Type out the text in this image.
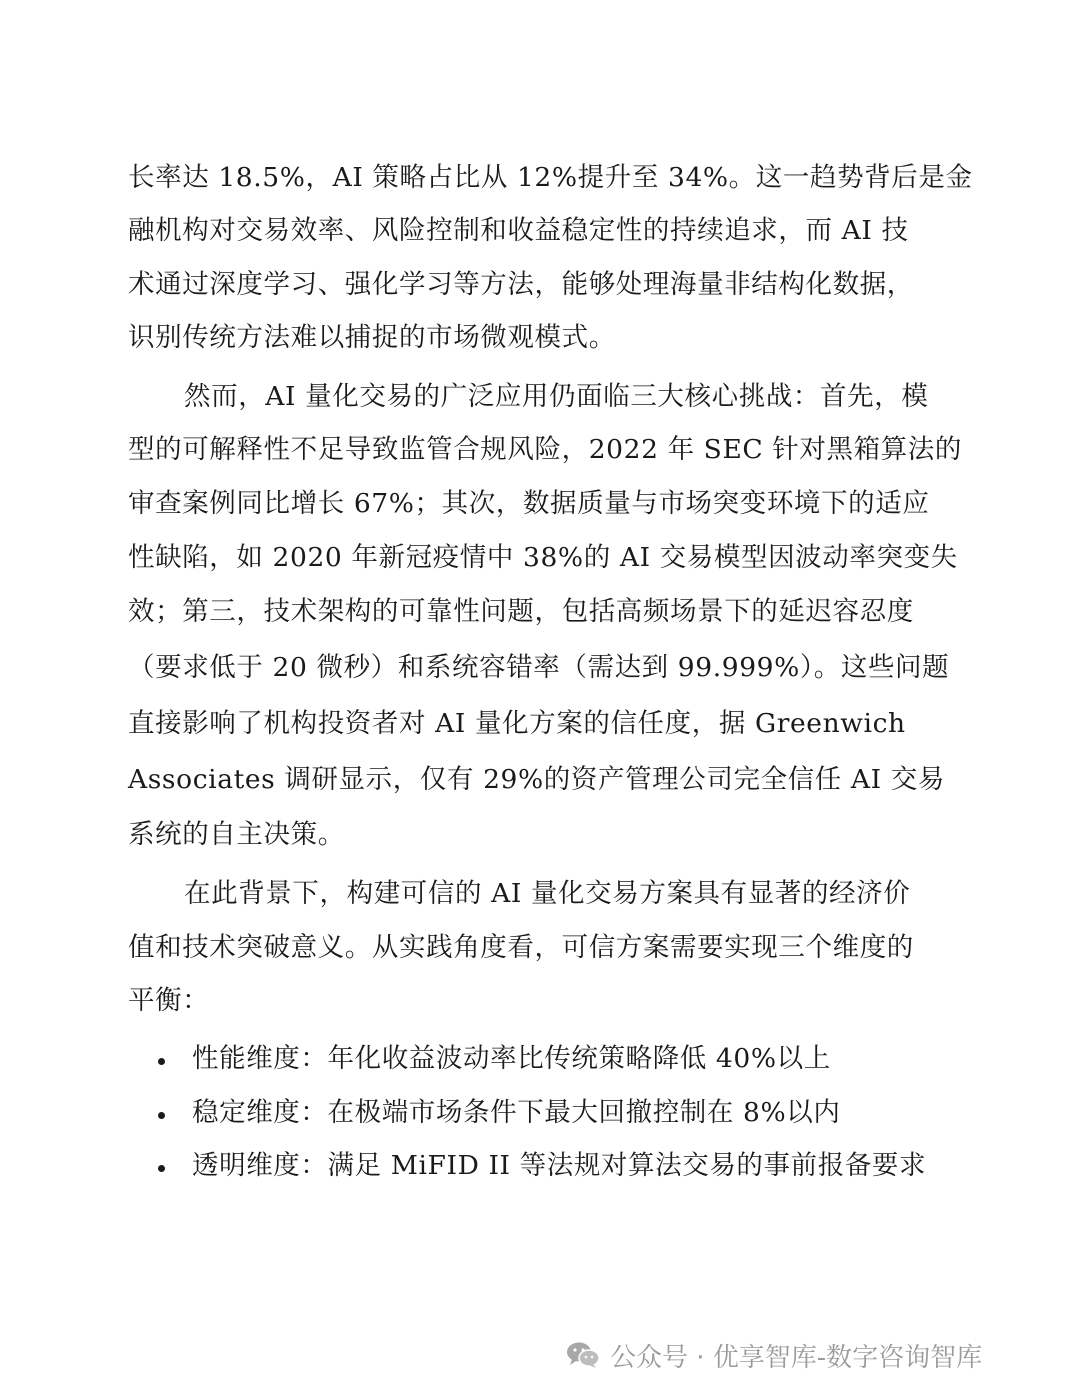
长率达 18.5%，AI 策略占比从 12%提升至 34%。这一趋势背后是金
融机构对交易效率、风险控制和收益稳定性的持续追求，而 AI 技
术通过深度学习、强化学习等方法，能够处理海量非结构化数据，
识别传统方法难以捕捉的市场微观模式。
然而，AI 量化交易的广泛应用仍面临三大核心挑战：首先，模
型的可解释性不足导致监管合规风险，2022 年 SEC 针对黑箱算法的
审查案例同比增长 67%；其次，数据质量与市场突变环境下的适应
性缺陷，如 2020 年新冠疫情中 38%的 AI 交易模型因波动率突变失
效；第三，技术架构的可靠性问题，包括高频场景下的延迟容忍度
（要求低于 20 微秒）和系统容错率（需达到 99.999%）。这些问题
直接影响了机构投资者对 AI 量化方案的信任度，据 Greenwich
Associates 调研显示，仅有 29%的资产管理公司完全信任 AI 交易
系统的自主决策。
在此背景下，构建可信的 AI 量化交易方案具有显著的经济价
值和技术突破意义。从实践角度看，可信方案需要实现三个维度的
平衡：
性能维度：年化收益波动率比传统策略降低 40%以上
稳定维度：在极端市场条件下最大回撤控制在 8%以内
透明维度：满足 MiFID II 等法规对算法交易的事前报备要求
公众号 · 优享智库-数字咨询智库
